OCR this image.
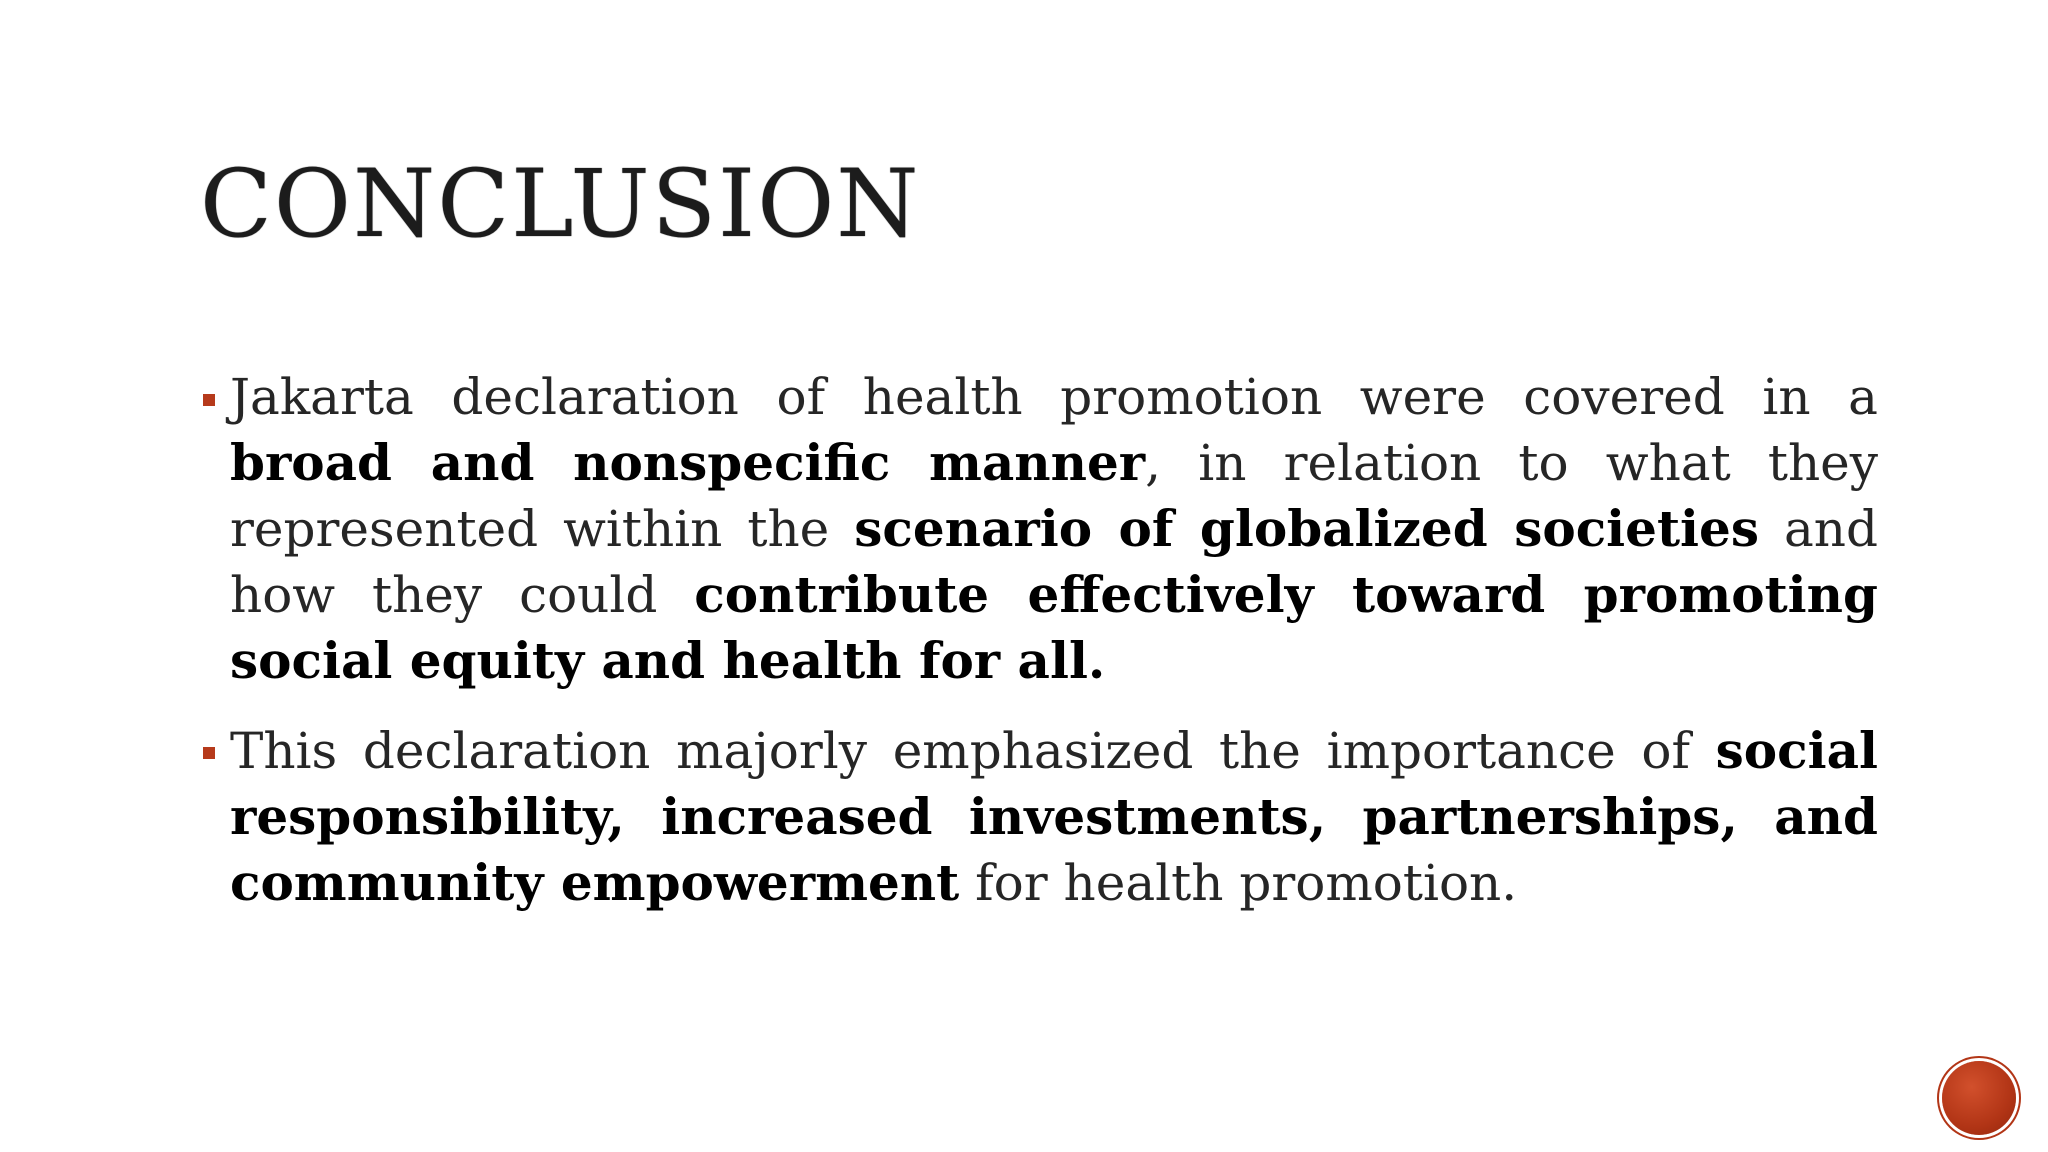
CONCLUSION
Jakarta declaration of health promotion were covered in a broad and nonspecific manner, in relation to what they represented within the scenario of globalized societies and how they could contribute effectively toward promoting social equity and health for all.
This declaration majorly emphasized the importance of social responsibility, increased investments, partnerships, and community empowerment for health promotion.
